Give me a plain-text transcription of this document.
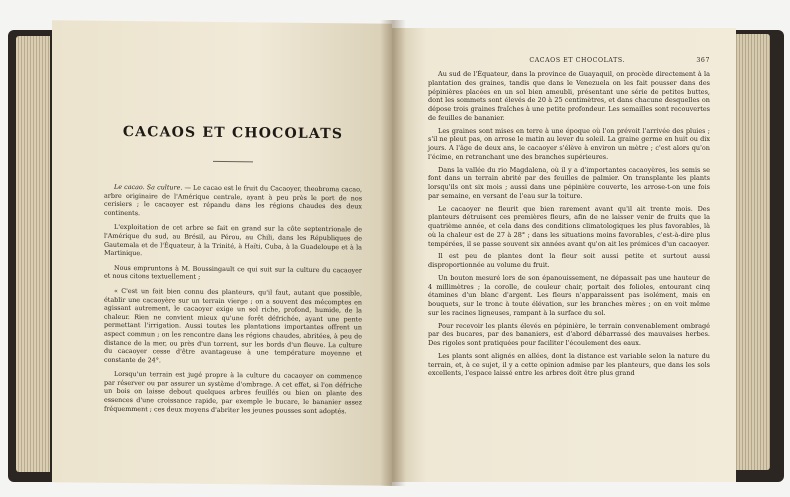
CACAOS ET CHOCOLATS

Le cacao. Sa culture. — Le cacao est le fruit du Cacaoyer, theobroma cacao, arbre originaire de l'Amérique centrale, ayant à peu près le port de nos cerisiers ; le cacaoyer est répandu dans les régions chaudes des deux continents.

L'exploitation de cet arbre se fait en grand sur la côte septentrionale de l'Amérique du sud, au Brésil, au Pérou, au Chili, dans les Républiques de Gautemala et de l'Équateur, à la Trinité, à Haïti, Cuba, à la Guadeloupe et à la Martinique.

Nous empruntons à M. Boussingault ce qui suit sur la culture du cacaoyer et nous citons textuellement ;

« C'est un fait bien connu des planteurs, qu'il faut, autant que possible, établir une cacaoyère sur un terrain vierge ; on a souvent des mécomptes en agissant autrement, le cacaoyer exige un sol riche, profond, humide, de la chaleur. Rien ne convient mieux qu'une forêt défrichée, ayant une pente permettant l'irrigation. Aussi toutes les plantations importantes offrent un aspect commun ; on les rencontre dans les régions chaudes, abritées, à peu de distance de la mer, ou près d'un torrent, sur les bords d'un fleuve. La culture du cacaoyer cesse d'être avantageuse à une température moyenne et constante de 24°.

Lorsqu'un terrain est jugé propre à la culture du cacaoyer on commence par réserver ou par assurer un système d'ombrage. A cet effet, si l'on défriche un bois on laisse debout quelques arbres feuillés ou bien on plante des essences d'une croissance rapide, par exemple le bucare, le bananier assez fréquemment ; ces deux moyens d'abriter les jeunes pousses sont adoptés.

CACAOS ET CHOCOLATS.	367

Au sud de l'Équateur, dans la province de Guayaquil, on procède directement à la plantation des graines, tandis que dans le Venezuela on les fait pousser dans des pépinières placées en un sol bien ameubli, présentant une série de petites buttes, dont les sommets sont élevés de 20 à 25 centimètres, et dans chacune desquelles on dépose trois graines fraîches à une petite profondeur. Les semailles sont recouvertes de feuilles de bananier.

Les graines sont mises en terre à une époque où l'on prévoit l'arrivée des pluies ; s'il ne pleut pas, on arrose le matin au lever du soleil. La graine germe en huit ou dix jours. A l'âge de deux ans, le cacaoyer s'élève à environ un mètre ; c'est alors qu'on l'écime, en retranchant une des branches supérieures.

Dans la vallée du rio Magdalena, où il y a d'importantes cacaoyères, les semis se font dans un terrain abrité par des feuilles de palmier. On transplante les plants lorsqu'ils ont six mois ; aussi dans une pépinière couverte, les arrose-t-on une fois par semaine, en versant de l'eau sur la toiture.

Le cacaoyer ne fleurit que bien rarement avant qu'il ait trente mois. Des planteurs détruisent ces premières fleurs, afin de ne laisser venir de fruits que la quatrième année, et cela dans des conditions climatologiques les plus favorables, là où la chaleur est de 27 à 28° ; dans les situations moins favorables, c'est-à-dire plus tempérées, il se passe souvent six années avant qu'on ait les prémices d'un cacaoyer.

Il est peu de plantes dont la fleur soit aussi petite et surtout aussi disproportionnée au volume du fruit.

Un bouton mesuré lors de son épanouissement, ne dépassait pas une hauteur de 4 millimètres ; la corolle, de couleur chair, portait des folioles, entourant cinq étamines d'un blanc d'argent. Les fleurs n'apparaissent pas isolément, mais en bouquets, sur le tronc à toute élévation, sur les branches mères ; on en voit même sur les racines ligneuses, rampant à la surface du sol.

Pour recevoir les plants élevés en pépinière, le terrain convenablement ombragé par des bucares, par des bananiers, est d'abord débarrassé des mauvaises herbes. Des rigoles sont pratiquées pour faciliter l'écoulement des eaux.

Les plants sont alignés en allées, dont la distance est variable selon la nature du terrain, et, à ce sujet, il y a cette opinion admise par les planteurs, que dans les sols excellents, l'espace laissé entre les arbres doit être plus grand
